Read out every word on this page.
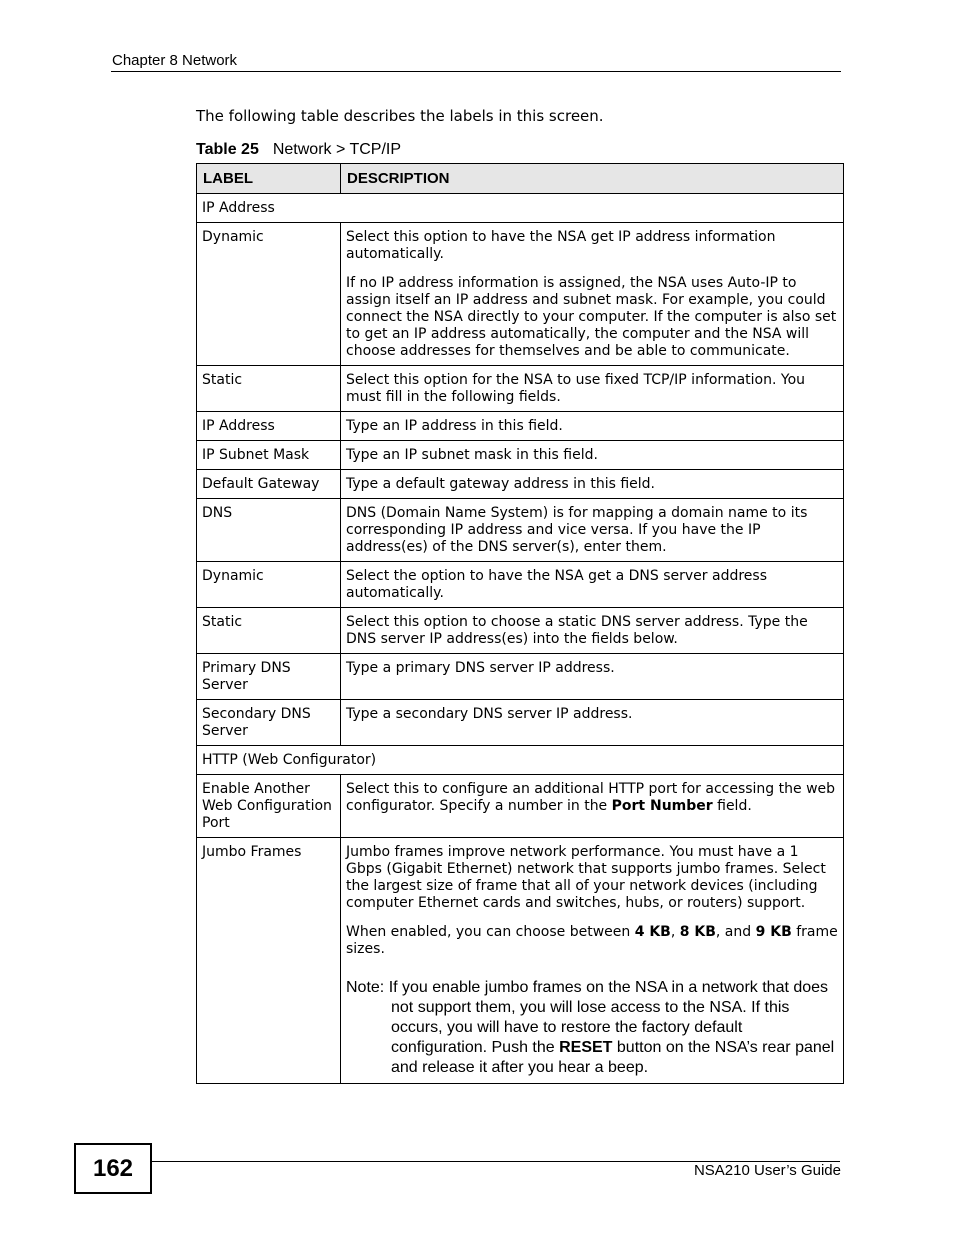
Chapter 8 Network
The following table describes the labels in this screen.
Table 25 Network > TCP/IP
LABEL	DESCRIPTION
IP Address	
Dynamic	Select this option to have the NSA get IP address information automatically.

If no IP address information is assigned, the NSA uses Auto-IP to assign itself an IP address and subnet mask. For example, you could connect the NSA directly to your computer. If the computer is also set to get an IP address automatically, the computer and the NSA will choose addresses for themselves and be able to communicate.

Static	Select this option for the NSA to use fixed TCP/IP information. You must fill in the following fields.
IP Address	Type an IP address in this field.
IP Subnet Mask	Type an IP subnet mask in this field.
Default Gateway	Type a default gateway address in this field.
DNS	DNS (Domain Name System) is for mapping a domain name to its corresponding IP address and vice versa. If you have the IP address(es) of the DNS server(s), enter them.
Dynamic	Select the option to have the NSA get a DNS server address automatically.
Static	Select this option to choose a static DNS server address. Type the DNS server IP address(es) into the fields below.
Primary DNS Server	Type a primary DNS server IP address.
Secondary DNS Server	Type a secondary DNS server IP address.
HTTP (Web Configurator)	
Enable Another Web Configuration Port	Select this to configure an additional HTTP port for accessing the web configurator. Specify a number in the Port Number field.
Jumbo Frames	Jumbo frames improve network performance. You must have a 1 Gbps (Gigabit Ethernet) network that supports jumbo frames. Select the largest size of frame that all of your network devices (including computer Ethernet cards and switches, hubs, or routers) support.

When enabled, you can choose between 4 KB, 8 KB, and 9 KB frame sizes.

Note: If you enable jumbo frames on the NSA in a network that does not support them, you will lose access to the NSA. If this occurs, you will have to restore the factory default configuration. Push the RESET button on the NSA’s rear panel and release it after you hear a beep.

162	NSA210 User’s Guide
